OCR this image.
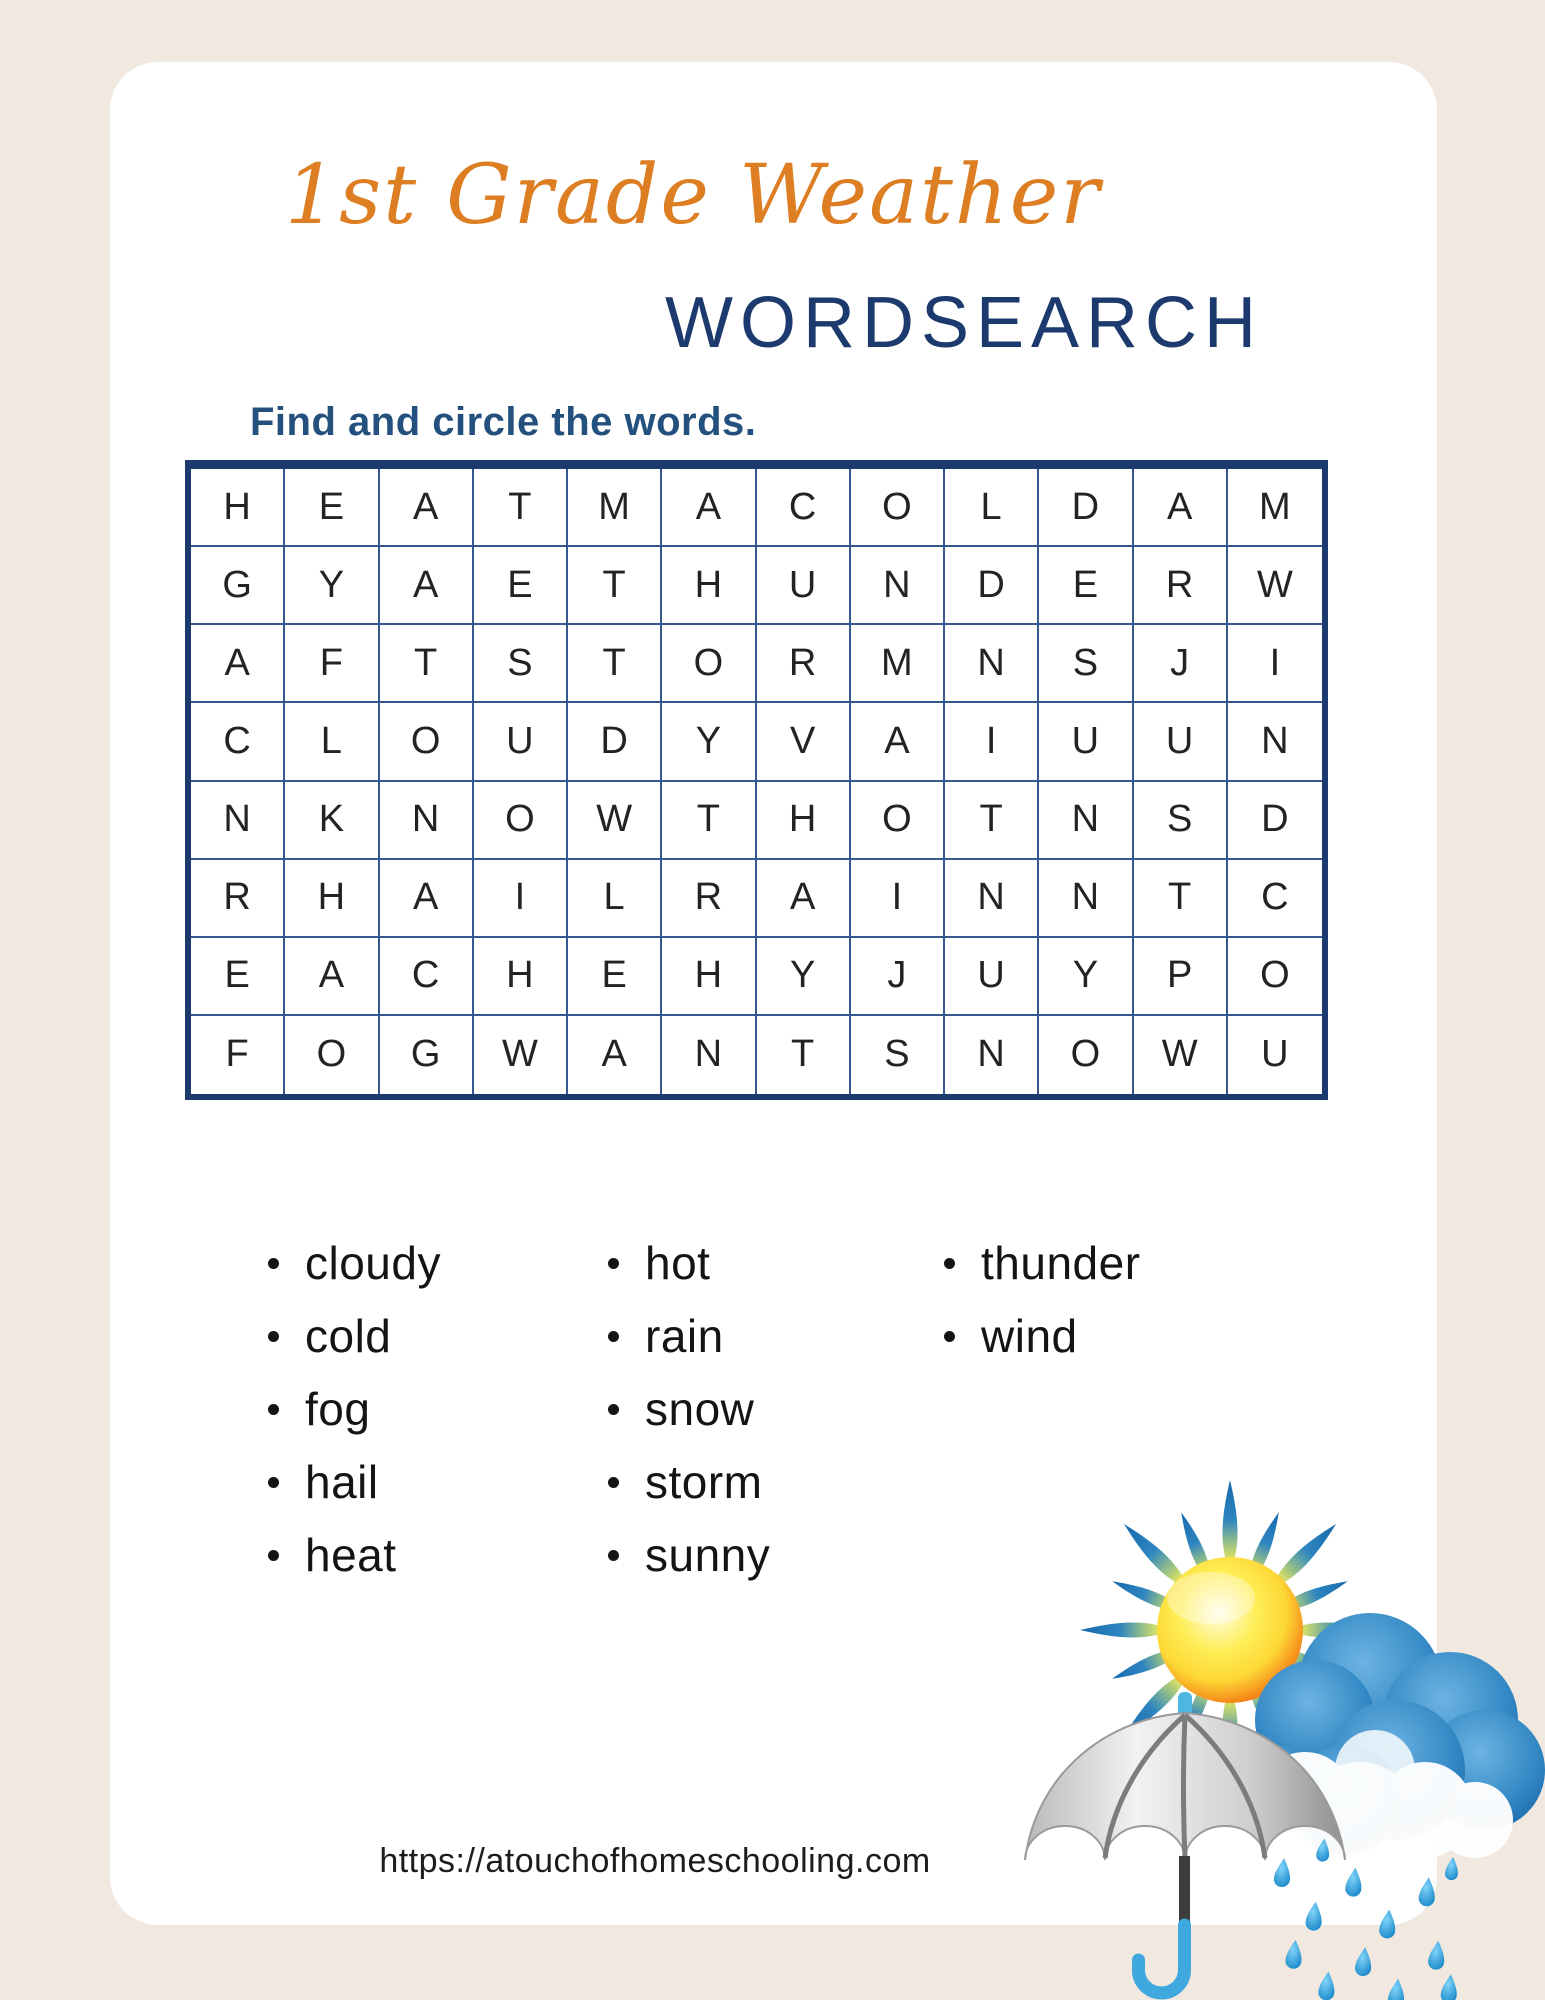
1st Grade Weather
WORDSEARCH
Find and circle the words.
H	E	A	T	M	A	C	O	L	D	A	M
G	Y	A	E	T	H	U	N	D	E	R	W
A	F	T	S	T	O	R	M	N	S	J	I
C	L	O	U	D	Y	V	A	I	U	U	N
N	K	N	O	W	T	H	O	T	N	S	D
R	H	A	I	L	R	A	I	N	N	T	C
E	A	C	H	E	H	Y	J	U	Y	P	O
F	O	G	W	A	N	T	S	N	O	W	U
cloudy
cold
fog
hail
heat
hot
rain
snow
storm
sunny
thunder
wind
https://atouchofhomeschooling.com
